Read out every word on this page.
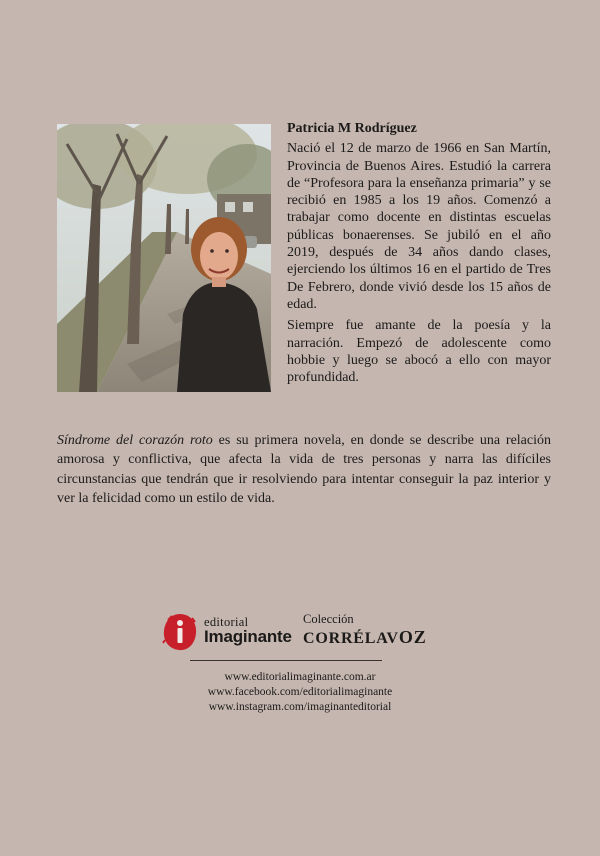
Patricia M Rodríguez

Nació el 12 de marzo de 1966 en San Martín, Provincia de Buenos Aires. Estudió la carrera de “Profesora para la enseñanza primaria” y se recibió en 1985 a los 19 años. Comenzó a trabajar como docente en distintas escuelas públicas bonaerenses. Se jubiló en el año 2019, después de 34 años dando clases, ejerciendo los últimos 16 en el partido de Tres De Febrero, donde vivió desde los 15 años de edad.

Siempre fue amante de la poesía y la narración. Empezó de adolescente como hobbie y luego se abocó a ello con mayor profundidad.

Síndrome del corazón roto es su primera novela, en donde se describe una relación amorosa y conflictiva, que afecta la vida de tres personas y narra las difíciles circunstancias que tendrán que ir resolviendo para intentar conseguir la paz interior y ver la felicidad como un estilo de vida.

editorial
Imaginante
Colección
CORRÉLAVOZ
www.editorialimaginante.com.ar
www.facebook.com/editorialimaginante
www.instagram.com/imaginanteditorial
